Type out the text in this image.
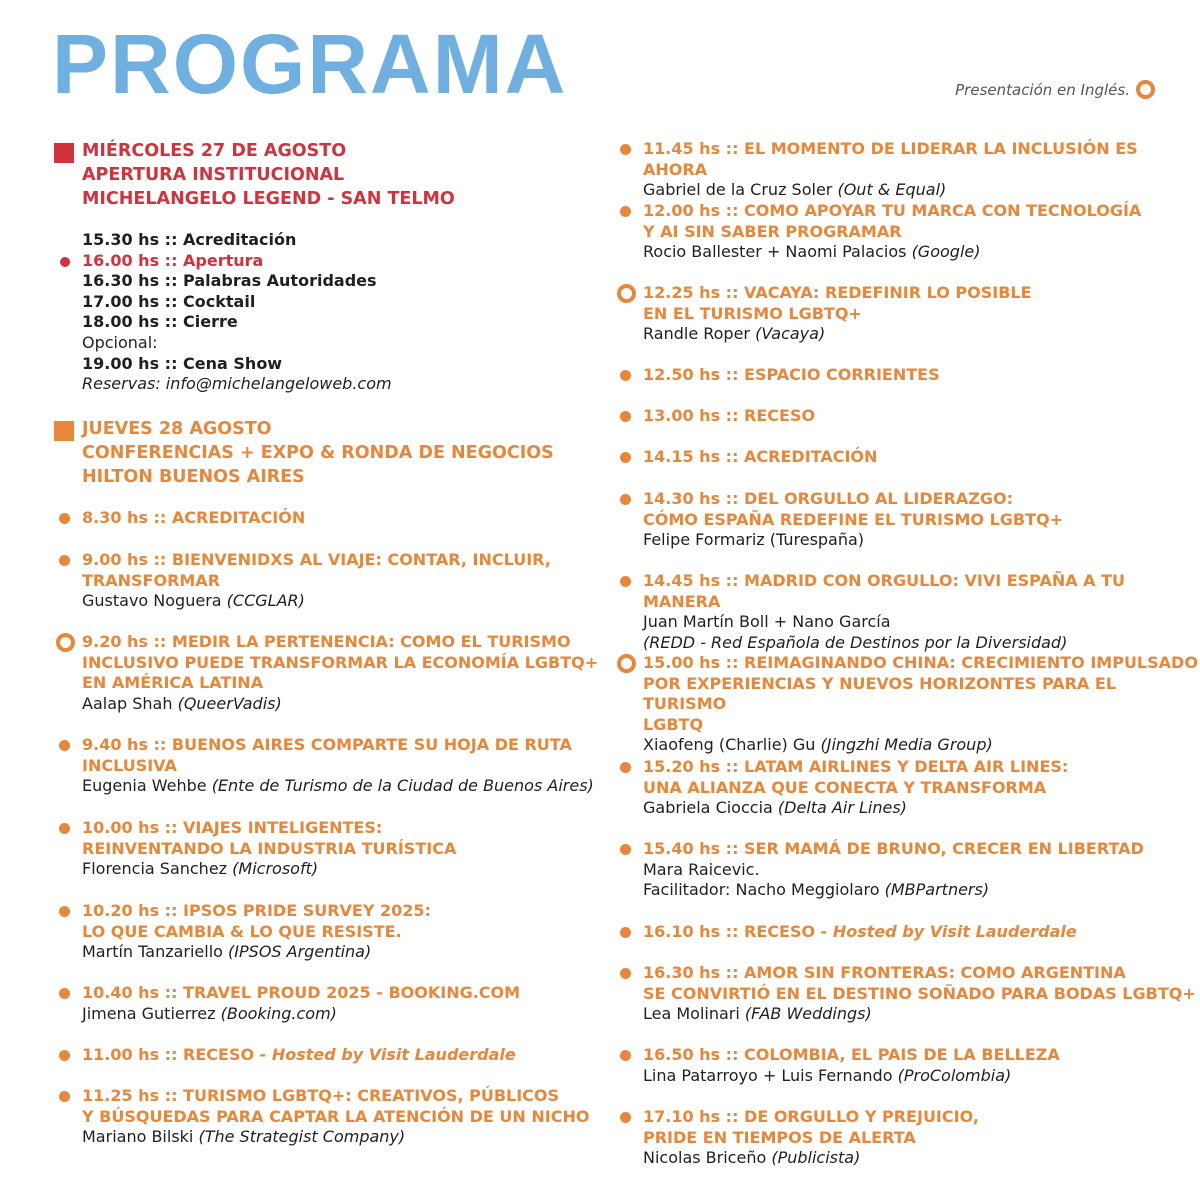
PROGRAMA	Presentación en Inglés.
MIÉRCOLES 27 DE AGOSTO
APERTURA INSTITUCIONAL
MICHELANGELO LEGEND - SAN TELMO
15.30 hs :: Acreditación
16.00 hs :: Apertura
16.30 hs :: Palabras Autoridades
17.00 hs :: Cocktail
18.00 hs :: Cierre
Opcional:
19.00 hs :: Cena Show
Reservas: info@michelangeloweb.com
JUEVES 28 AGOSTO
CONFERENCIAS + EXPO & RONDA DE NEGOCIOS
HILTON BUENOS AIRES
8.30 hs :: ACREDITACIÓN
9.00 hs :: BIENVENIDXS AL VIAJE: CONTAR, INCLUIR,
TRANSFORMAR
Gustavo Noguera (CCGLAR)
9.20 hs :: MEDIR LA PERTENENCIA: COMO EL TURISMO
INCLUSIVO PUEDE TRANSFORMAR LA ECONOMÍA LGBTQ+
EN AMÉRICA LATINA
Aalap Shah (QueerVadis)
9.40 hs :: BUENOS AIRES COMPARTE SU HOJA DE RUTA
INCLUSIVA
Eugenia Wehbe (Ente de Turismo de la Ciudad de Buenos Aires)
10.00 hs :: VIAJES INTELIGENTES:
REINVENTANDO LA INDUSTRIA TURÍSTICA
Florencia Sanchez (Microsoft)
10.20 hs :: IPSOS PRIDE SURVEY 2025:
LO QUE CAMBIA & LO QUE RESISTE.
Martín Tanzariello (IPSOS Argentina)
10.40 hs :: TRAVEL PROUD 2025 - BOOKING.COM
Jimena Gutierrez (Booking.com)
11.00 hs :: RECESO - Hosted by Visit Lauderdale
11.25 hs :: TURISMO LGBTQ+: CREATIVOS, PÚBLICOS
Y BÚSQUEDAS PARA CAPTAR LA ATENCIÓN DE UN NICHO
Mariano Bilski (The Strategist Company)
11.45 hs :: EL MOMENTO DE LIDERAR LA INCLUSIÓN ES AHORA
Gabriel de la Cruz Soler (Out & Equal)
12.00 hs :: COMO APOYAR TU MARCA CON TECNOLOGÍA
Y AI SIN SABER PROGRAMAR
Rocio Ballester + Naomi Palacios (Google)
12.25 hs :: VACAYA: REDEFINIR LO POSIBLE
EN EL TURISMO LGBTQ+
Randle Roper (Vacaya)
12.50 hs :: ESPACIO CORRIENTES
13.00 hs :: RECESO
14.15 hs :: ACREDITACIÓN
14.30 hs :: DEL ORGULLO AL LIDERAZGO:
CÓMO ESPAÑA REDEFINE EL TURISMO LGBTQ+
Felipe Formariz (Turespaña)
14.45 hs :: MADRID CON ORGULLO: VIVI ESPAÑA A TU MANERA
Juan Martín Boll + Nano García
(REDD - Red Española de Destinos por la Diversidad)
15.00 hs :: REIMAGINANDO CHINA: CRECIMIENTO IMPULSADO
POR EXPERIENCIAS Y NUEVOS HORIZONTES PARA EL TURISMO
LGBTQ
Xiaofeng (Charlie) Gu (Jingzhi Media Group)
15.20 hs :: LATAM AIRLINES Y DELTA AIR LINES:
UNA ALIANZA QUE CONECTA Y TRANSFORMA
Gabriela Cioccia (Delta Air Lines)
15.40 hs :: SER MAMÁ DE BRUNO, CRECER EN LIBERTAD
Mara Raicevic.
Facilitador: Nacho Meggiolaro (MBPartners)
16.10 hs :: RECESO - Hosted by Visit Lauderdale
16.30 hs :: AMOR SIN FRONTERAS: COMO ARGENTINA
SE CONVIRTIÓ EN EL DESTINO SOÑADO PARA BODAS LGBTQ+
Lea Molinari (FAB Weddings)
16.50 hs :: COLOMBIA, EL PAIS DE LA BELLEZA
Lina Patarroyo + Luis Fernando (ProColombia)
17.10 hs :: DE ORGULLO Y PREJUICIO,
PRIDE EN TIEMPOS DE ALERTA
Nicolas Briceño (Publicista)
